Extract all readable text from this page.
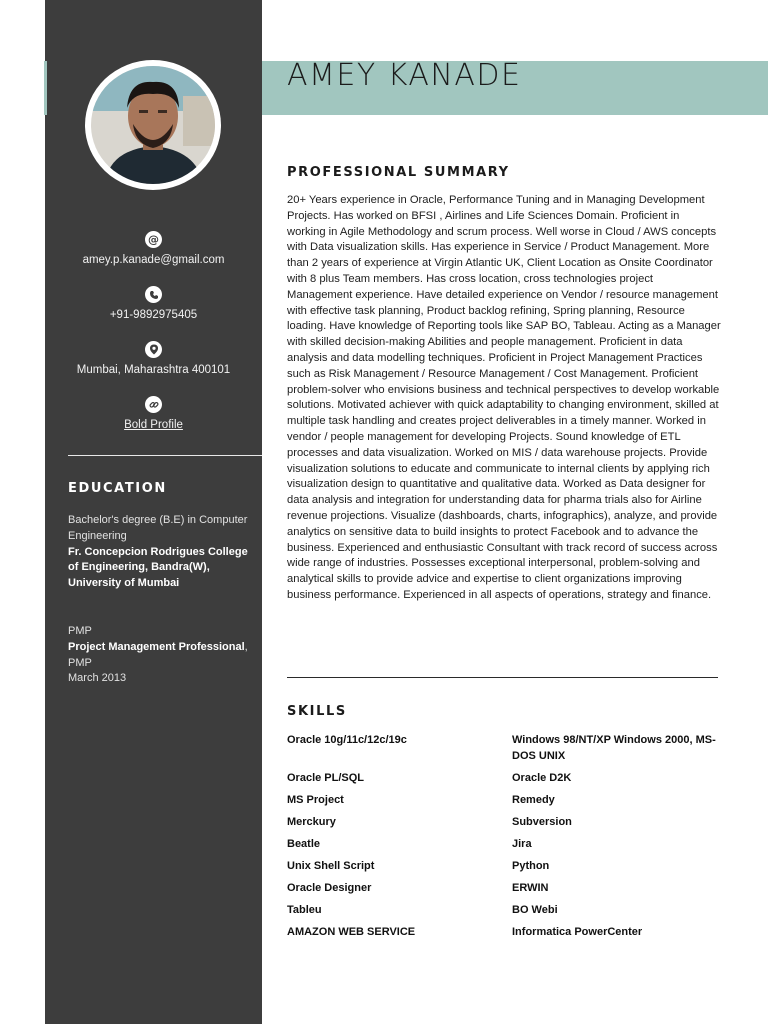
AMEY KANADE
@
amey.p.kanade@gmail.com
+91-9892975405
Mumbai, Maharashtra 400101
Bold Profile
EDUCATION
Bachelor's degree (B.E) in Computer Engineering
Fr. Concepcion Rodrigues College of Engineering, Bandra(W), University of Mumbai
PMP
Project Management Professional, PMP
March 2013
PROFESSIONAL SUMMARY
20+ Years experience in Oracle, Performance Tuning and in Managing Development Projects. Has worked on BFSI , Airlines and Life Sciences Domain. Proficient in working in Agile Methodology and scrum process. Well worse in Cloud / AWS concepts with Data visualization skills. Has experience in Service / Product Management. More than 2 years of experience at Virgin Atlantic UK, Client Location as Onsite Coordinator with 8 plus Team members. Has cross location, cross technologies project Management experience. Have detailed experience on Vendor / resource management with effective task planning, Product backlog refining, Spring planning, Resource loading. Have knowledge of Reporting tools like SAP BO, Tableau. Acting as a Manager with skilled decision-making Abilities and people management. Proficient in data analysis and data modelling techniques. Proficient in Project Management Practices such as Risk Management / Resource Management / Cost Management. Proficient problem-solver who envisions business and technical perspectives to develop workable solutions. Motivated achiever with quick adaptability to changing environment, skilled at multiple task handling and creates project deliverables in a timely manner. Worked in vendor / people management for developing Projects. Sound knowledge of ETL processes and data visualization. Worked on MIS / data warehouse projects. Provide visualization solutions to educate and communicate to internal clients by applying rich visualization design to quantitative and qualitative data. Worked as Data designer for data analysis and integration for understanding data for pharma trials also for Airline revenue projections. Visualize (dashboards, charts, infographics), analyze, and provide analytics on sensitive data to build insights to protect Facebook and to advance the business. Experienced and enthusiastic Consultant with track record of success across wide range of industries. Possesses exceptional interpersonal, problem-solving and analytical skills to provide advice and expertise to client organizations improving business performance. Experienced in all aspects of operations, strategy and finance.
SKILLS
Oracle 10g/11c/12c/19c
Oracle PL/SQL
MS Project
Merckury
Beatle
Unix Shell Script
Oracle Designer
Tableu
AMAZON WEB SERVICE
Windows 98/NT/XP Windows 2000, MS-DOS UNIX
Oracle D2K
Remedy
Subversion
Jira
Python
ERWIN
BO Webi
Informatica PowerCenter
